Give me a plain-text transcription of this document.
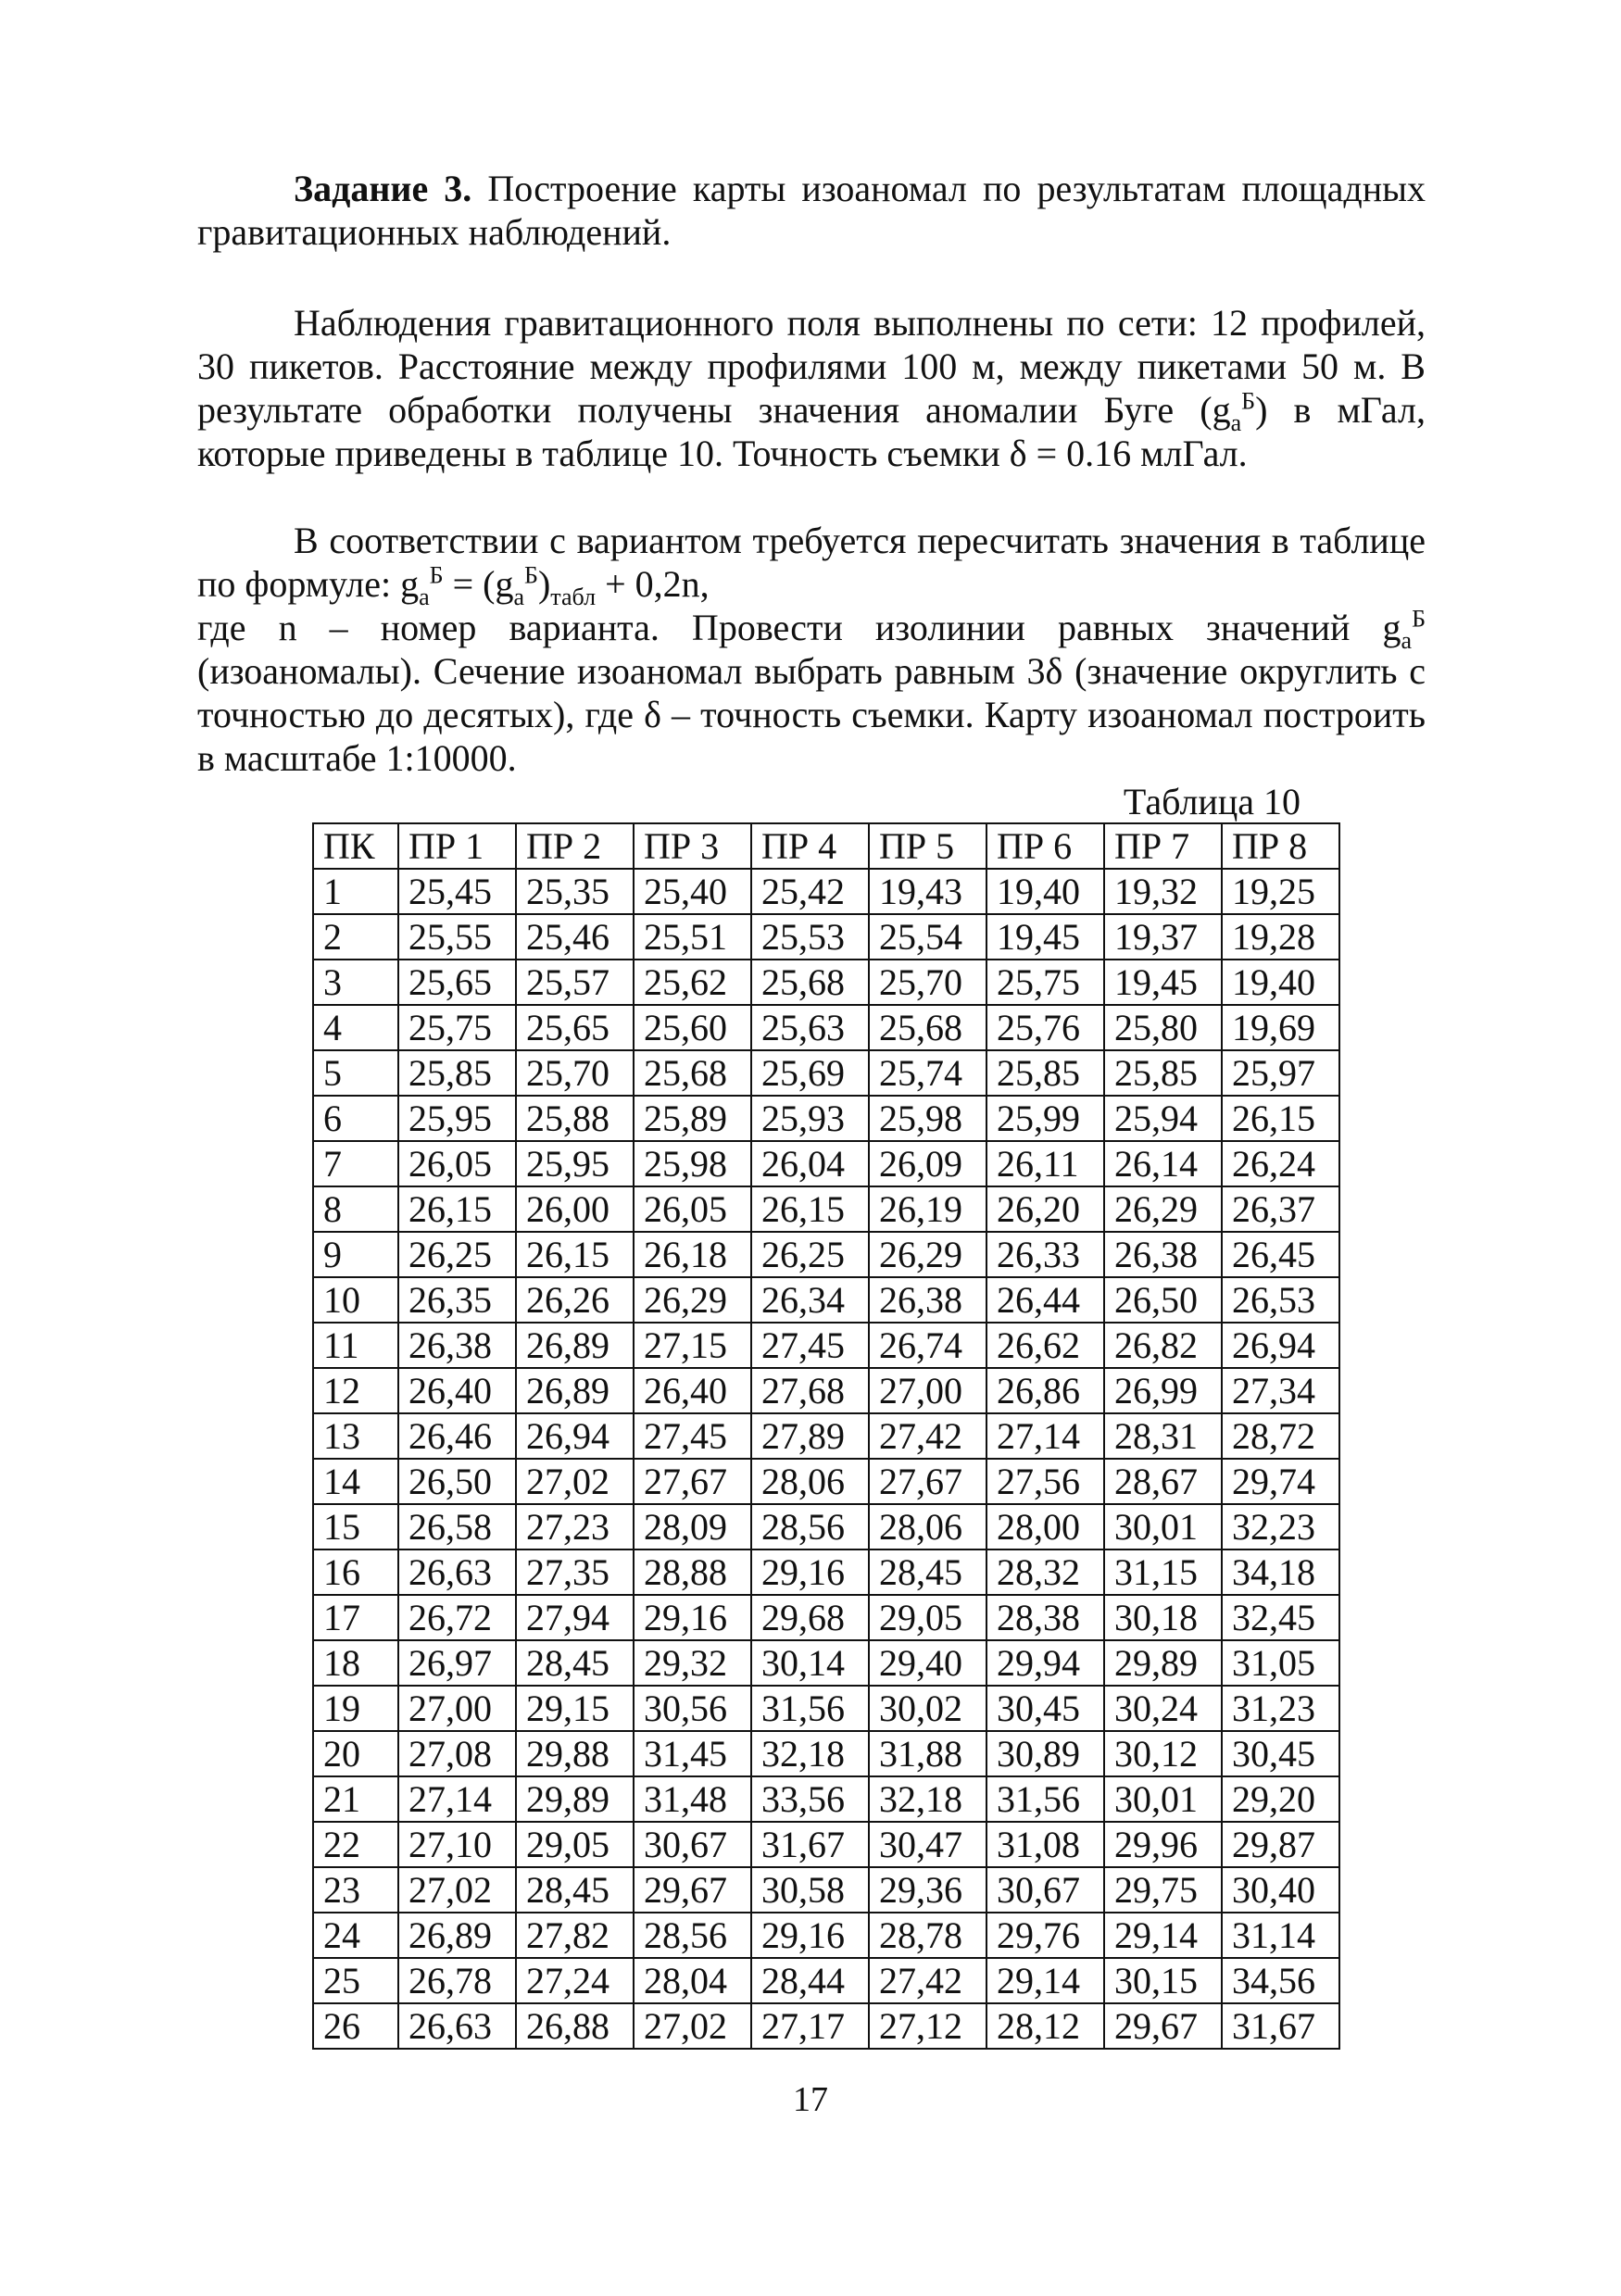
Задание 3. Построение карты изоаномал по результатам площадных гравитационных наблюдений.
Наблюдения гравитационного поля выполнены по сети: 12 профилей, 30 пикетов. Расстояние между профилями 100 м, между пикетами 50 м. В результате обработки получены значения аномалии Буге $(g_a^Б)$ в мГал, которые приведены в таблице 10. Точность съемки δ = 0.16 млГал.
В соответствии с вариантом требуется пересчитать значения в таблице по формуле: $g_a^Б = (g_a^Б)_{табл} + 0,2n$,
где n – номер варианта. Провести изолинии равных значений $g_a^Б$ (изоаномалы). Сечение изоаномал выбрать равным 3δ (значение округлить с точностью до десятых), где δ – точность съемки. Карту изоаномал построить в масштабе 1:10000.
Таблица 10
ПК	ПР 1	ПР 2	ПР 3	ПР 4	ПР 5	ПР 6	ПР 7	ПР 8
1	25,45	25,35	25,40	25,42	19,43	19,40	19,32	19,25
2	25,55	25,46	25,51	25,53	25,54	19,45	19,37	19,28
3	25,65	25,57	25,62	25,68	25,70	25,75	19,45	19,40
4	25,75	25,65	25,60	25,63	25,68	25,76	25,80	19,69
5	25,85	25,70	25,68	25,69	25,74	25,85	25,85	25,97
6	25,95	25,88	25,89	25,93	25,98	25,99	25,94	26,15
7	26,05	25,95	25,98	26,04	26,09	26,11	26,14	26,24
8	26,15	26,00	26,05	26,15	26,19	26,20	26,29	26,37
9	26,25	26,15	26,18	26,25	26,29	26,33	26,38	26,45
10	26,35	26,26	26,29	26,34	26,38	26,44	26,50	26,53
11	26,38	26,89	27,15	27,45	26,74	26,62	26,82	26,94
12	26,40	26,89	26,40	27,68	27,00	26,86	26,99	27,34
13	26,46	26,94	27,45	27,89	27,42	27,14	28,31	28,72
14	26,50	27,02	27,67	28,06	27,67	27,56	28,67	29,74
15	26,58	27,23	28,09	28,56	28,06	28,00	30,01	32,23
16	26,63	27,35	28,88	29,16	28,45	28,32	31,15	34,18
17	26,72	27,94	29,16	29,68	29,05	28,38	30,18	32,45
18	26,97	28,45	29,32	30,14	29,40	29,94	29,89	31,05
19	27,00	29,15	30,56	31,56	30,02	30,45	30,24	31,23
20	27,08	29,88	31,45	32,18	31,88	30,89	30,12	30,45
21	27,14	29,89	31,48	33,56	32,18	31,56	30,01	29,20
22	27,10	29,05	30,67	31,67	30,47	31,08	29,96	29,87
23	27,02	28,45	29,67	30,58	29,36	30,67	29,75	30,40
24	26,89	27,82	28,56	29,16	28,78	29,76	29,14	31,14
25	26,78	27,24	28,04	28,44	27,42	29,14	30,15	34,56
26	26,63	26,88	27,02	27,17	27,12	28,12	29,67	31,67
17
